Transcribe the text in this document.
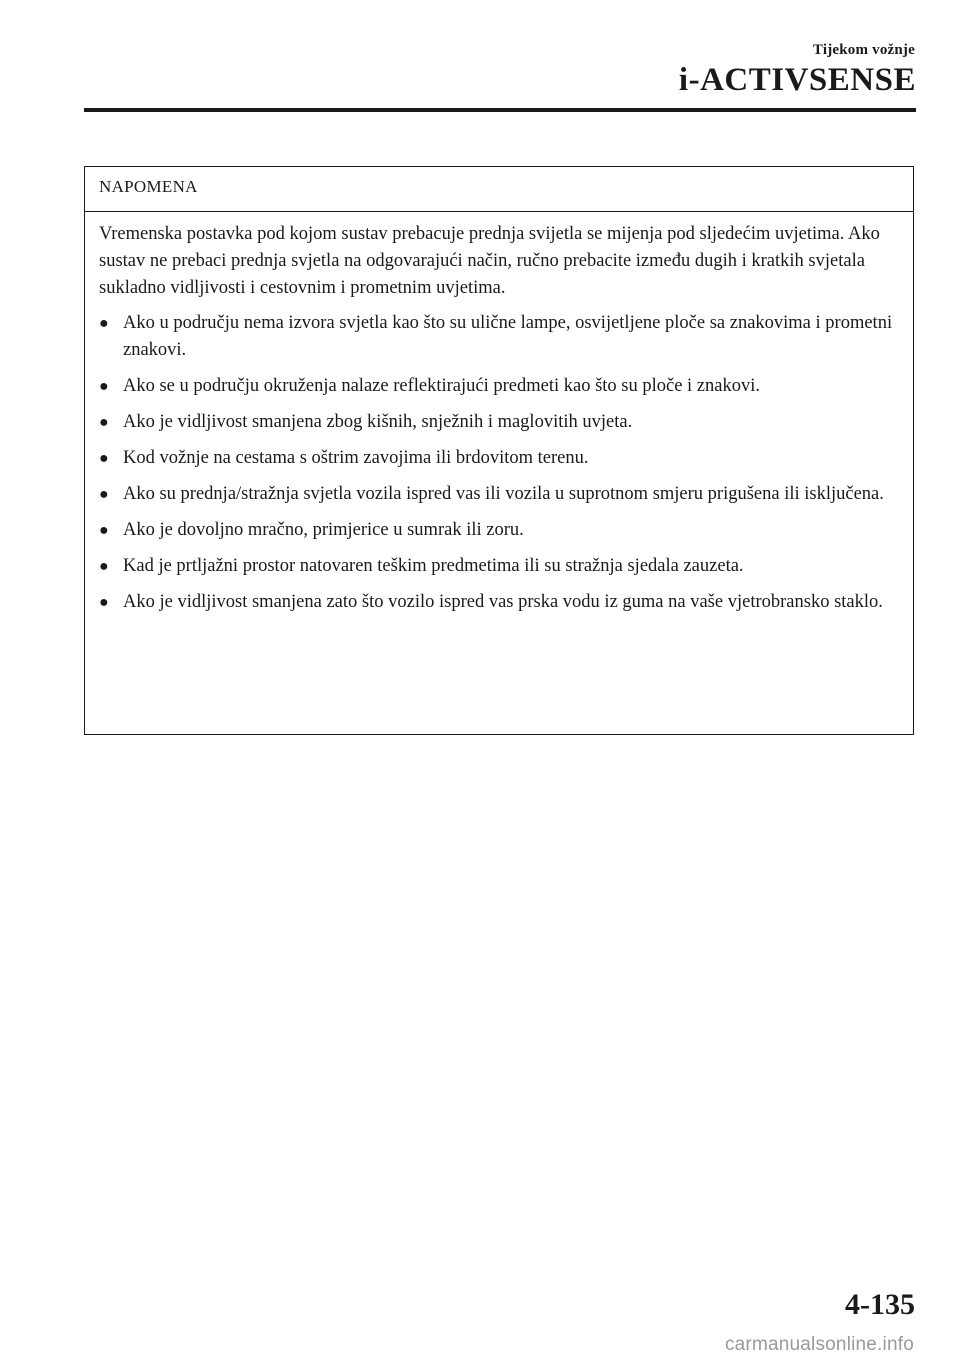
Tijekom vožnje
i-ACTIVSENSE
NAPOMENA

Vremenska postavka pod kojom sustav prebacuje prednja svijetla se mijenja pod sljedećim uvjetima. Ako sustav ne prebaci prednja svjetla na odgovarajući način, ručno prebacite između dugih i kratkih svjetala sukladno vidljivosti i cestovnim i prometnim uvjetima.

● Ako u području nema izvora svjetla kao što su ulične lampe, osvijetljene ploče sa znakovima i prometni znakovi.
● Ako se u području okruženja nalaze reflektirajući predmeti kao što su ploče i znakovi.
● Ako je vidljivost smanjena zbog kišnih, snježnih i maglovitih uvjeta.
● Kod vožnje na cestama s oštrim zavojima ili brdovitom terenu.
● Ako su prednja/stražnja svjetla vozila ispred vas ili vozila u suprotnom smjeru prigušena ili isključena.
● Ako je dovoljno mračno, primjerice u sumrak ili zoru.
● Kad je prtljažni prostor natovaren teškim predmetima ili su stražnja sjedala zauzeta.
● Ako je vidljivost smanjena zato što vozilo ispred vas prska vodu iz guma na vaše vjetrobransko staklo.
4-135
carmanualsonline.info
